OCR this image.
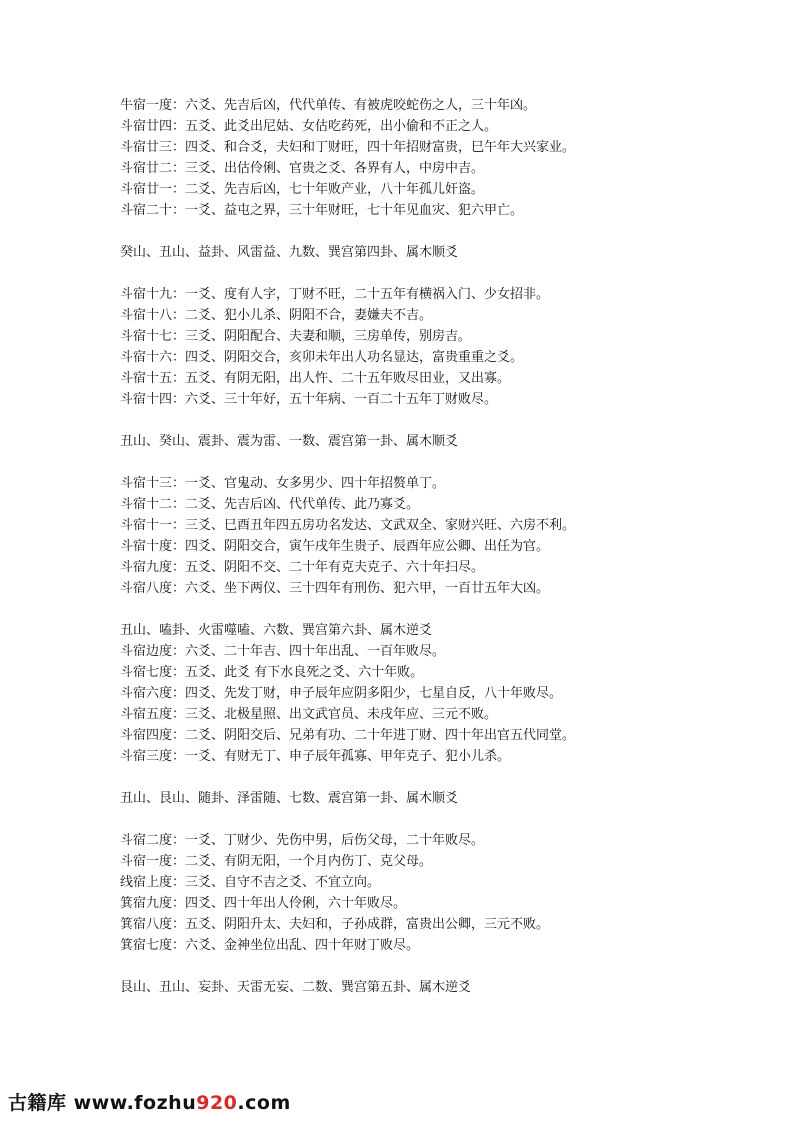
牛宿一度：六爻、先吉后凶，代代单传、有被虎咬蛇伤之人，三十年凶。
斗宿廿四：五爻、此爻出尼姑、女估吃药死，出小偷和不正之人。
斗宿廿三：四爻、和合爻，夫妇和丁财旺，四十年招财富贵，巳午年大兴家业。
斗宿廿二：三爻、出估伶俐、官贵之爻、各界有人，中房中吉。
斗宿廿一：二爻、先吉后凶，七十年败产业，八十年孤儿奸盗。
斗宿二十：一爻、益屯之界，三十年财旺，七十年见血灾、犯六甲亡。
癸山、丑山、益卦、风雷益、九数、巽宫第四卦、属木顺爻
斗宿十九：一爻、度有人字，丁财不旺，二十五年有横祸入门、少女招非。
斗宿十八：二爻、犯小儿杀、阴阳不合，妻嫌夫不吉。
斗宿十七：三爻、阴阳配合、夫妻和顺，三房单传，别房吉。
斗宿十六：四爻、阴阳交合，亥卯未年出人功名显达，富贵重重之爻。
斗宿十五：五爻、有阴无阳，出人忤、二十五年败尽田业，又出寡。
斗宿十四：六爻、三十年好，五十年病、一百二十五年丁财败尽。
丑山、癸山、震卦、震为雷、一数、震宫第一卦、属木顺爻
斗宿十三：一爻、官鬼动、女多男少、四十年招赘单丁。
斗宿十二：二爻、先吉后凶、代代单传、此乃寡爻。
斗宿十一：三爻、巳酉丑年四五房功名发达、文武双全、家财兴旺、六房不利。
斗宿十度：四爻、阴阳交合，寅午戌年生贵子、辰酉年应公卿、出任为官。
斗宿九度：五爻、阴阳不交、二十年有克夫克子、六十年扫尽。
斗宿八度：六爻、坐下两仪、三十四年有刑伤、犯六甲，一百廿五年大凶。
丑山、嗑卦、火雷噬嗑、六数、巽宫第六卦、属木逆爻
斗宿边度：六爻、二十年吉、四十年出乱、一百年败尽。
斗宿七度：五爻、此爻 有下水良死之爻、六十年败。
斗宿六度：四爻、先发丁财，申子辰年应阴多阳少，七星自反，八十年败尽。
斗宿五度：三爻、北极星照、出文武官员、未戌年应、三元不败。
斗宿四度：二爻、阴阳交后、兄弟有功、二十年进丁财、四十年出官五代同堂。
斗宿三度：一爻、有财无丁、申子辰年孤寡、甲年克子、犯小儿杀。
丑山、艮山、随卦、泽雷随、七数、震宫第一卦、属木顺爻
斗宿二度：一爻、丁财少、先伤中男，后伤父母，二十年败尽。
斗宿一度：二爻、有阴无阳，一个月内伤丁、克父母。
线宿上度：三爻、自守不吉之爻、不宜立向。
箕宿九度：四爻、四十年出人伶俐，六十年败尽。
箕宿八度：五爻、阴阳升太、夫妇和，子孙成群，富贵出公卿，三元不败。
箕宿七度：六爻、金神坐位出乱、四十年财丁败尽。
艮山、丑山、妄卦、天雷无妄、二数、巽宫第五卦、属木逆爻
古籍库 www.fozhu920.com
